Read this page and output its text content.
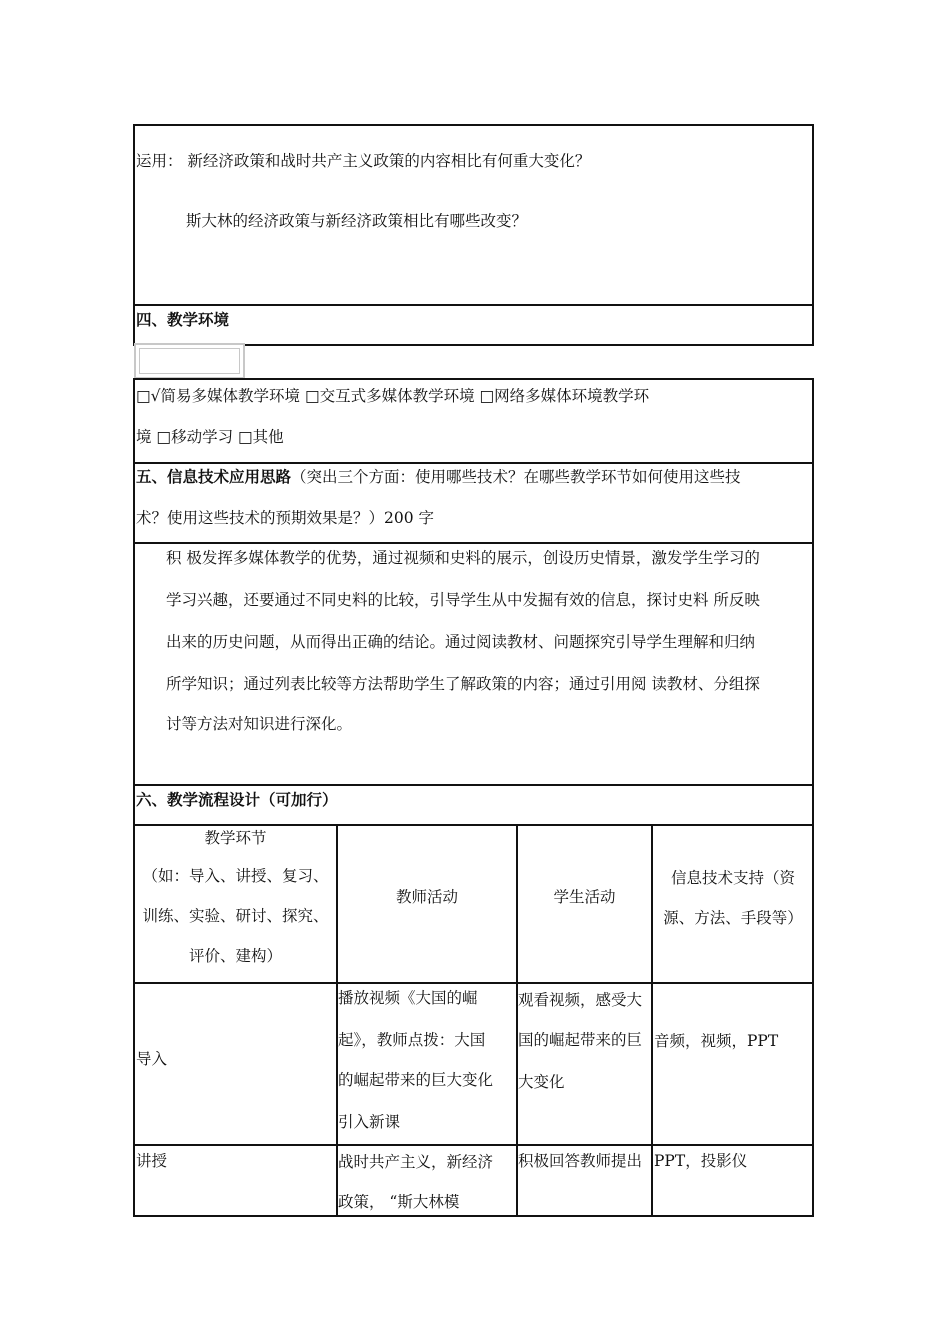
运用： 新经济政策和战时共产主义政策的内容相比有何重大变化？
斯大林的经济政策与新经济政策相比有哪些改变？
四、教学环境
□√简易多媒体教学环境 □交互式多媒体教学环境 □网络多媒体环境教学环
境 □移动学习 □其他
五、信息技术应用思路（突出三个方面：使用哪些技术？在哪些教学环节如何使用这些技
术？使用这些技术的预期效果是？）200 字
积 极发挥多媒体教学的优势，通过视频和史料的展示，创设历史情景，激发学生学习的
学习兴趣，还要通过不同史料的比较，引导学生从中发掘有效的信息，探讨史料 所反映
出来的历史问题，从而得出正确的结论。通过阅读教材、问题探究引导学生理解和归纳
所学知识；通过列表比较等方法帮助学生了解政策的内容；通过引用阅 读教材、分组探
讨等方法对知识进行深化。
六、教学流程设计（可加行）
教学环节
（如：导入、讲授、复习、
训练、实验、研讨、探究、
评价、建构）
教师活动	学生活动
信息技术支持（资
源、方法、手段等）
导入
播放视频《大国的崛
起》，教师点拨：大国
的崛起带来的巨大变化
引入新课
观看视频，感受大
国的崛起带来的巨
大变化
音频，视频，PPT
讲授	战时共产主义，新经济
政策， “斯大林模
积极回答教师提出 PPT，投影仪
